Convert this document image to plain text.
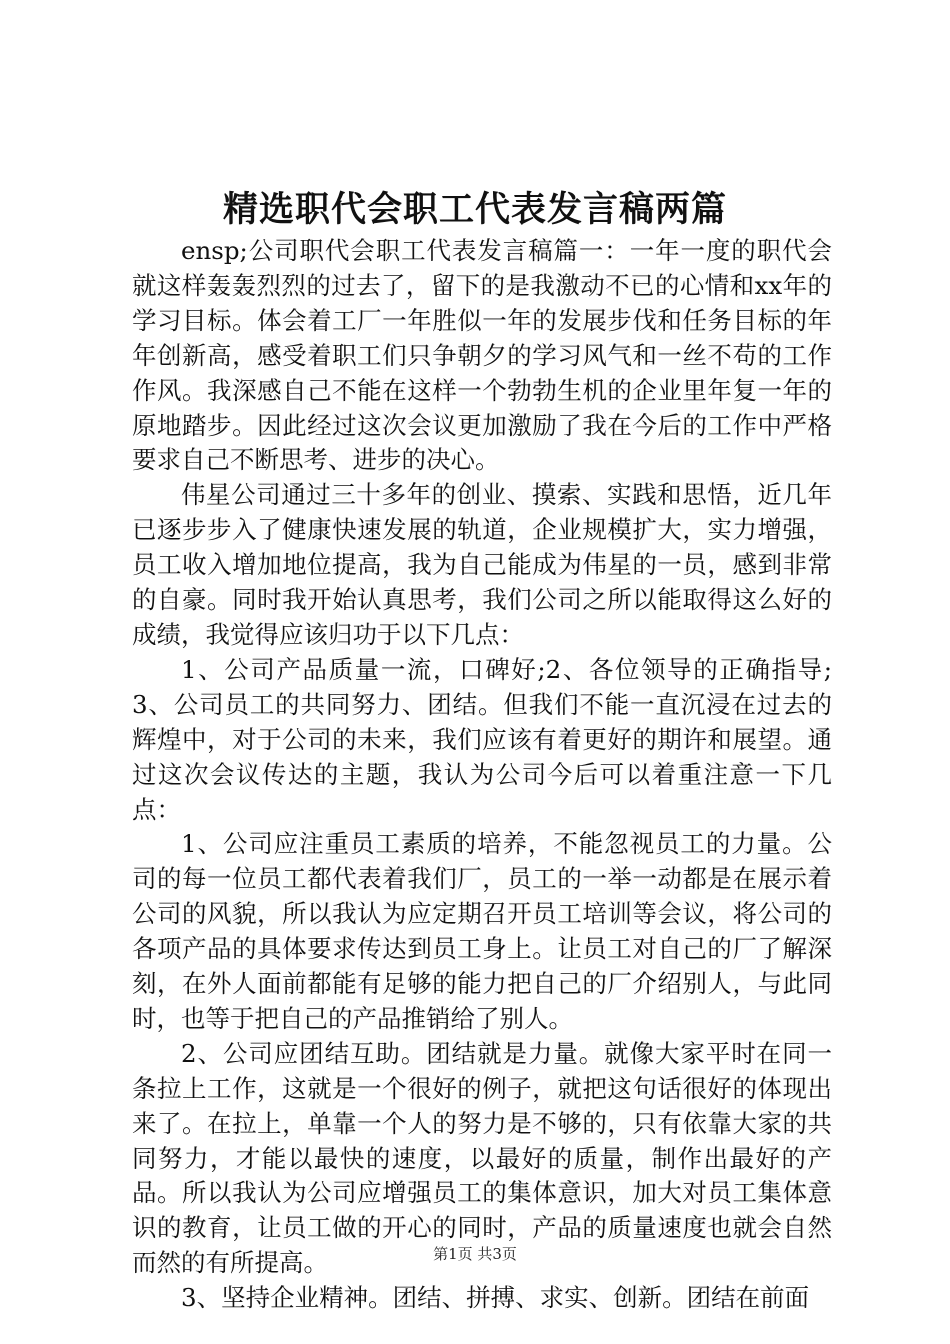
精选职代会职工代表发言稿两篇

ensp;公司职代会职工代表发言稿篇一：一年一度的职代会就这样轰轰烈烈的过去了，留下的是我激动不已的心情和xx年的学习目标。体会着工厂一年胜似一年的发展步伐和任务目标的年年创新高，感受着职工们只争朝夕的学习风气和一丝不苟的工作作风。我深感自己不能在这样一个勃勃生机的企业里年复一年的原地踏步。因此经过这次会议更加激励了我在今后的工作中严格要求自己不断思考、进步的决心。

伟星公司通过三十多年的创业、摸索、实践和思悟，近几年已逐步步入了健康快速发展的轨道，企业规模扩大，实力增强，员工收入增加地位提高，我为自己能成为伟星的一员，感到非常的自豪。同时我开始认真思考，我们公司之所以能取得这么好的成绩，我觉得应该归功于以下几点：

1、公司产品质量一流，口碑好;2、各位领导的正确指导;3、公司员工的共同努力、团结。但我们不能一直沉浸在过去的辉煌中，对于公司的未来，我们应该有着更好的期许和展望。通过这次会议传达的主题，我认为公司今后可以着重注意一下几点：

1、公司应注重员工素质的培养，不能忽视员工的力量。公司的每一位员工都代表着我们厂，员工的一举一动都是在展示着公司的风貌，所以我认为应定期召开员工培训等会议，将公司的各项产品的具体要求传达到员工身上。让员工对自己的厂了解深刻，在外人面前都能有足够的能力把自己的厂介绍别人，与此同时，也等于把自己的产品推销给了别人。

2、公司应团结互助。团结就是力量。就像大家平时在同一条拉上工作，这就是一个很好的例子，就把这句话很好的体现出来了。在拉上，单靠一个人的努力是不够的，只有依靠大家的共同努力，才能以最快的速度，以最好的质量，制作出最好的产品。所以我认为公司应增强员工的集体意识，加大对员工集体意识的教育，让员工做的开心的同时，产品的质量速度也就会自然而然的有所提高。

3、坚持企业精神。团结、拼搏、求实、创新。团结在前面

第1页 共3页
